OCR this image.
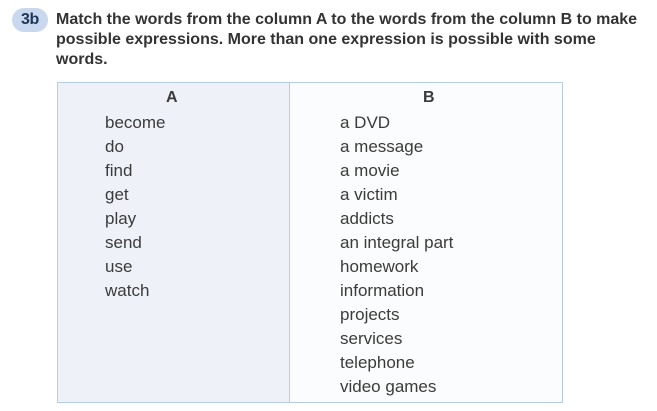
3b	Match the words from the column A to the words from the column B to make possible expressions. More than one expression is possible with some words.
A
become
do
find
get
play
send
use
watch
B
a DVD
a message
a movie
a victim
addicts
an integral part
homework
information
projects
services
telephone
video games
